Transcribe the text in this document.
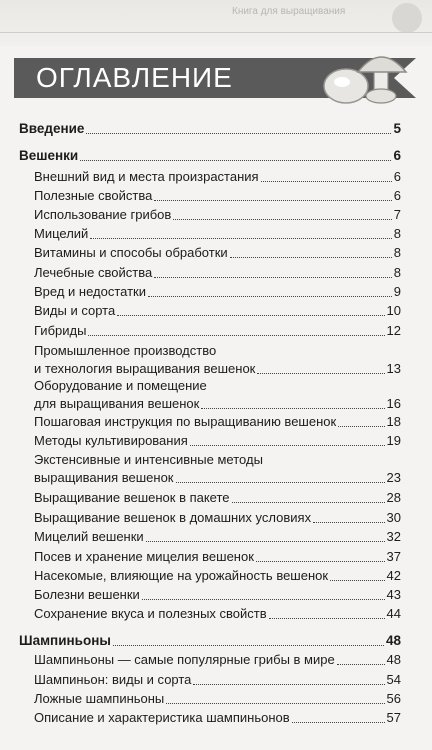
Книга для выращивания
ОГЛАВЛЕНИЕ
Введение	5
Вешенки	6
Внешний вид и места произрастания	6
Полезные свойства	6
Использование грибов	7
Мицелий	8
Витамины и способы обработки	8
Лечебные свойства	8
Вред и недостатки	9
Виды и сорта	10
Гибриды	12
Промышленное производство
и технология выращивания вешенок	13
Оборудование и помещение
для выращивания вешенок	16
Пошаговая инструкция по выращиванию вешенок	18
Методы культивирования	19
Экстенсивные и интенсивные методы
выращивания вешенок	23
Выращивание вешенок в пакете	28
Выращивание вешенок в домашних условиях	30
Мицелий вешенки	32
Посев и хранение мицелия вешенок	37
Насекомые, влияющие на урожайность вешенок	42
Болезни вешенки	43
Сохранение вкуса и полезных свойств	44
Шампиньоны	48
Шампиньоны — самые популярные грибы в мире	48
Шампиньон: виды и сорта	54
Ложные шампиньоны	56
Описание и характеристика шампиньонов	57
